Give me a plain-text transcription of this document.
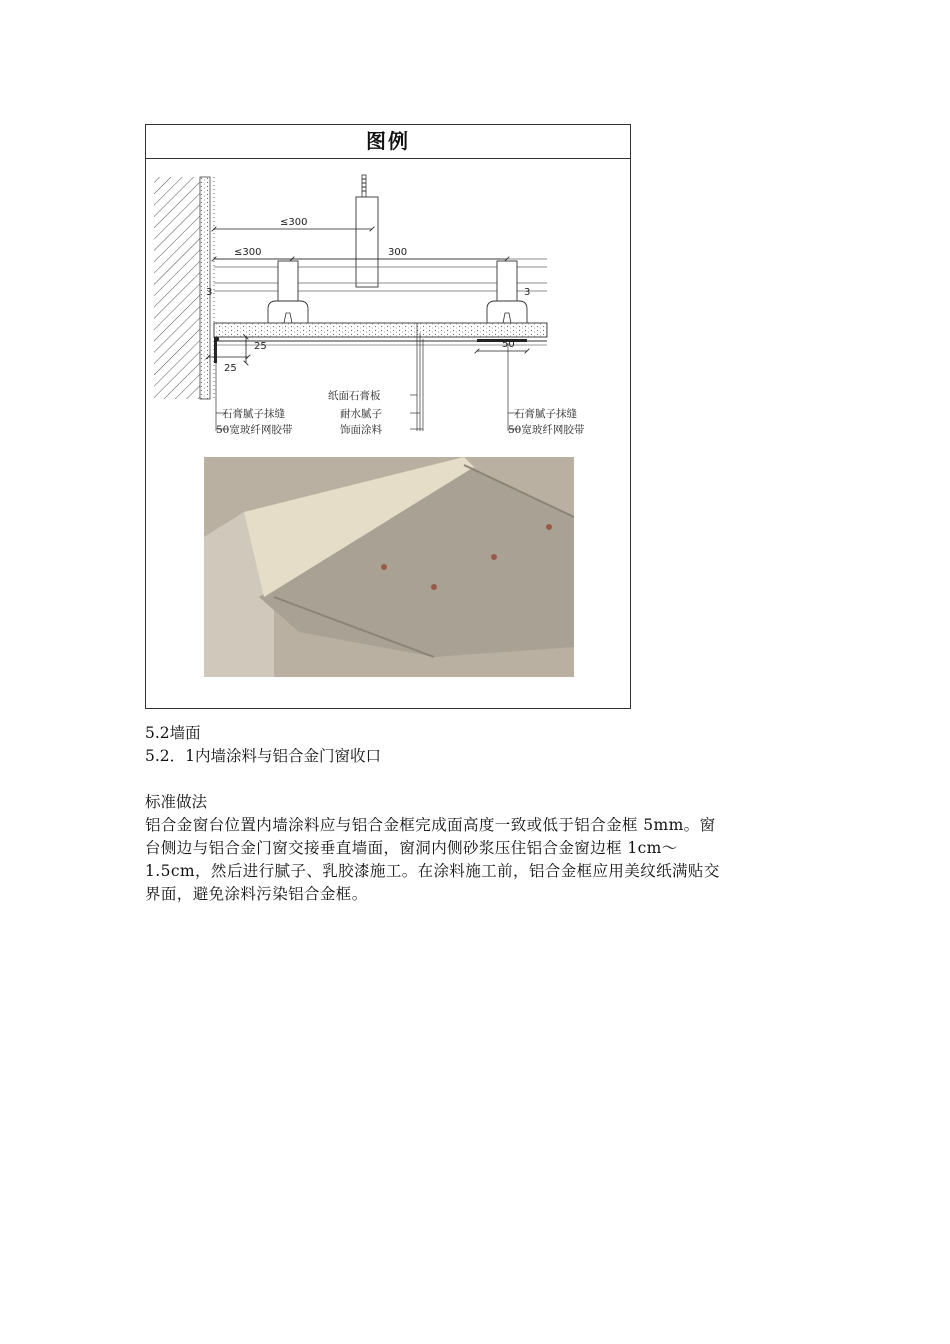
图例
≤300
≤300	300
3	3
25
25	50
纸面石膏板
石膏腻子抹缝
50宽玻纤网胶带
耐水腻子
饰面涂料
石膏腻子抹缝
50宽玻纤网胶带

5.2墙面

5.2．1内墙涂料与铝合金门窗收口

标准做法

铝合金窗台位置内墙涂料应与铝合金框完成面高度一致或低于铝合金框 5mm。窗

台侧边与铝合金门窗交接垂直墙面，窗洞内侧砂浆压住铝合金窗边框 1cm～

1.5cm，然后进行腻子、乳胶漆施工。在涂料施工前，铝合金框应用美纹纸满贴交

界面，避免涂料污染铝合金框。
